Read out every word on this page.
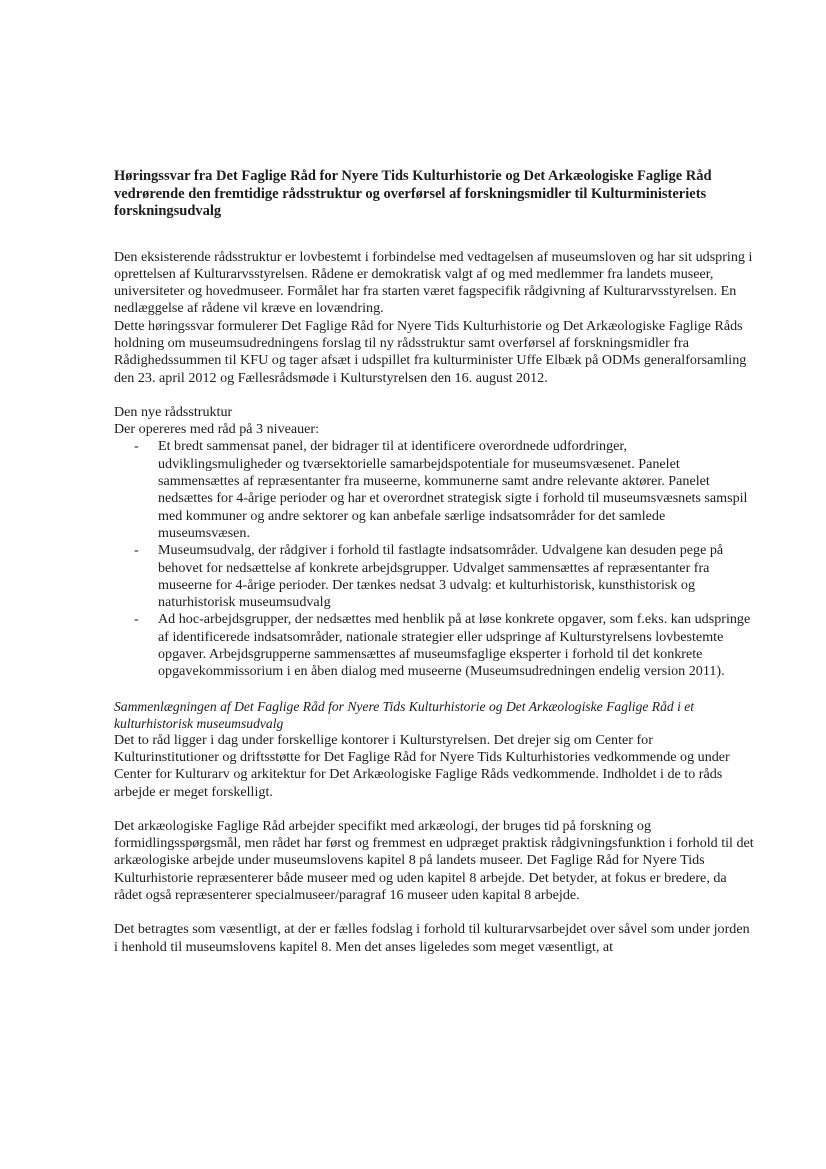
Høringssvar fra Det Faglige Råd for Nyere Tids Kulturhistorie og Det Arkæologiske Faglige Råd vedrørende den fremtidige rådsstruktur og overførsel af forskningsmidler til Kulturministeriets forskningsudvalg

Den eksisterende rådsstruktur er lovbestemt i forbindelse med vedtagelsen af museumsloven og har sit udspring i oprettelsen af Kulturarvsstyrelsen. Rådene er demokratisk valgt af og med medlemmer fra landets museer, universiteter og hovedmuseer. Formålet har fra starten været fagspecifik rådgivning af Kulturarvsstyrelsen. En nedlæggelse af rådene vil kræve en lovændring.

Dette høringssvar formulerer Det Faglige Råd for Nyere Tids Kulturhistorie og Det Arkæologiske Faglige Råds holdning om museumsudredningens forslag til ny rådsstruktur samt overførsel af forskningsmidler fra Rådighedssummen til KFU og tager afsæt i udspillet fra kulturminister Uffe Elbæk på ODMs generalforsamling den 23. april 2012 og Fællesrådsmøde i Kulturstyrelsen den 16. august 2012.

Den nye rådsstruktur

Der opereres med råd på 3 niveauer:

- Et bredt sammensat panel, der bidrager til at identificere overordnede udfordringer, udviklingsmuligheder og tværsektorielle samarbejdspotentiale for museumsvæsenet. Panelet sammensættes af repræsentanter fra museerne, kommunerne samt andre relevante aktører. Panelet nedsættes for 4-årige perioder og har et overordnet strategisk sigte i forhold til museumsvæsnets samspil med kommuner og andre sektorer og kan anbefale særlige indsatsområder for det samlede museumsvæsen.
- Museumsudvalg, der rådgiver i forhold til fastlagte indsatsområder. Udvalgene kan desuden pege på behovet for nedsættelse af konkrete arbejdsgrupper. Udvalget sammensættes af repræsentanter fra museerne for 4-årige perioder. Der tænkes nedsat 3 udvalg: et kulturhistorisk, kunsthistorisk og naturhistorisk museumsudvalg
- Ad hoc-arbejdsgrupper, der nedsættes med henblik på at løse konkrete opgaver, som f.eks. kan udspringe af identificerede indsatsområder, nationale strategier eller udspringe af Kulturstyrelsens lovbestemte opgaver. Arbejdsgrupperne sammensættes af museumsfaglige eksperter i forhold til det konkrete opgavekommissorium i en åben dialog med museerne (Museumsudredningen endelig version 2011).

Sammenlægningen af Det Faglige Råd for Nyere Tids Kulturhistorie og Det Arkæologiske Faglige Råd i et kulturhistorisk museumsudvalg

Det to råd ligger i dag under forskellige kontorer i Kulturstyrelsen. Det drejer sig om Center for Kulturinstitutioner og driftsstøtte for Det Faglige Råd for Nyere Tids Kulturhistories vedkommende og under Center for Kulturarv og arkitektur for Det Arkæologiske Faglige Råds vedkommende. Indholdet i de to råds arbejde er meget forskelligt.

Det arkæologiske Faglige Råd arbejder specifikt med arkæologi, der bruges tid på forskning og formidlingsspørgsmål, men rådet har først og fremmest en udpræget praktisk rådgivningsfunktion i forhold til det arkæologiske arbejde under museumslovens kapitel 8 på landets museer. Det Faglige Råd for Nyere Tids Kulturhistorie repræsenterer både museer med og uden kapitel 8 arbejde. Det betyder, at fokus er bredere, da rådet også repræsenterer specialmuseer/paragraf 16 museer uden kapital 8 arbejde.

Det betragtes som væsentligt, at der er fælles fodslag i forhold til kulturarvsarbejdet over såvel som under jorden i henhold til museumslovens kapitel 8. Men det anses ligeledes som meget væsentligt, at
